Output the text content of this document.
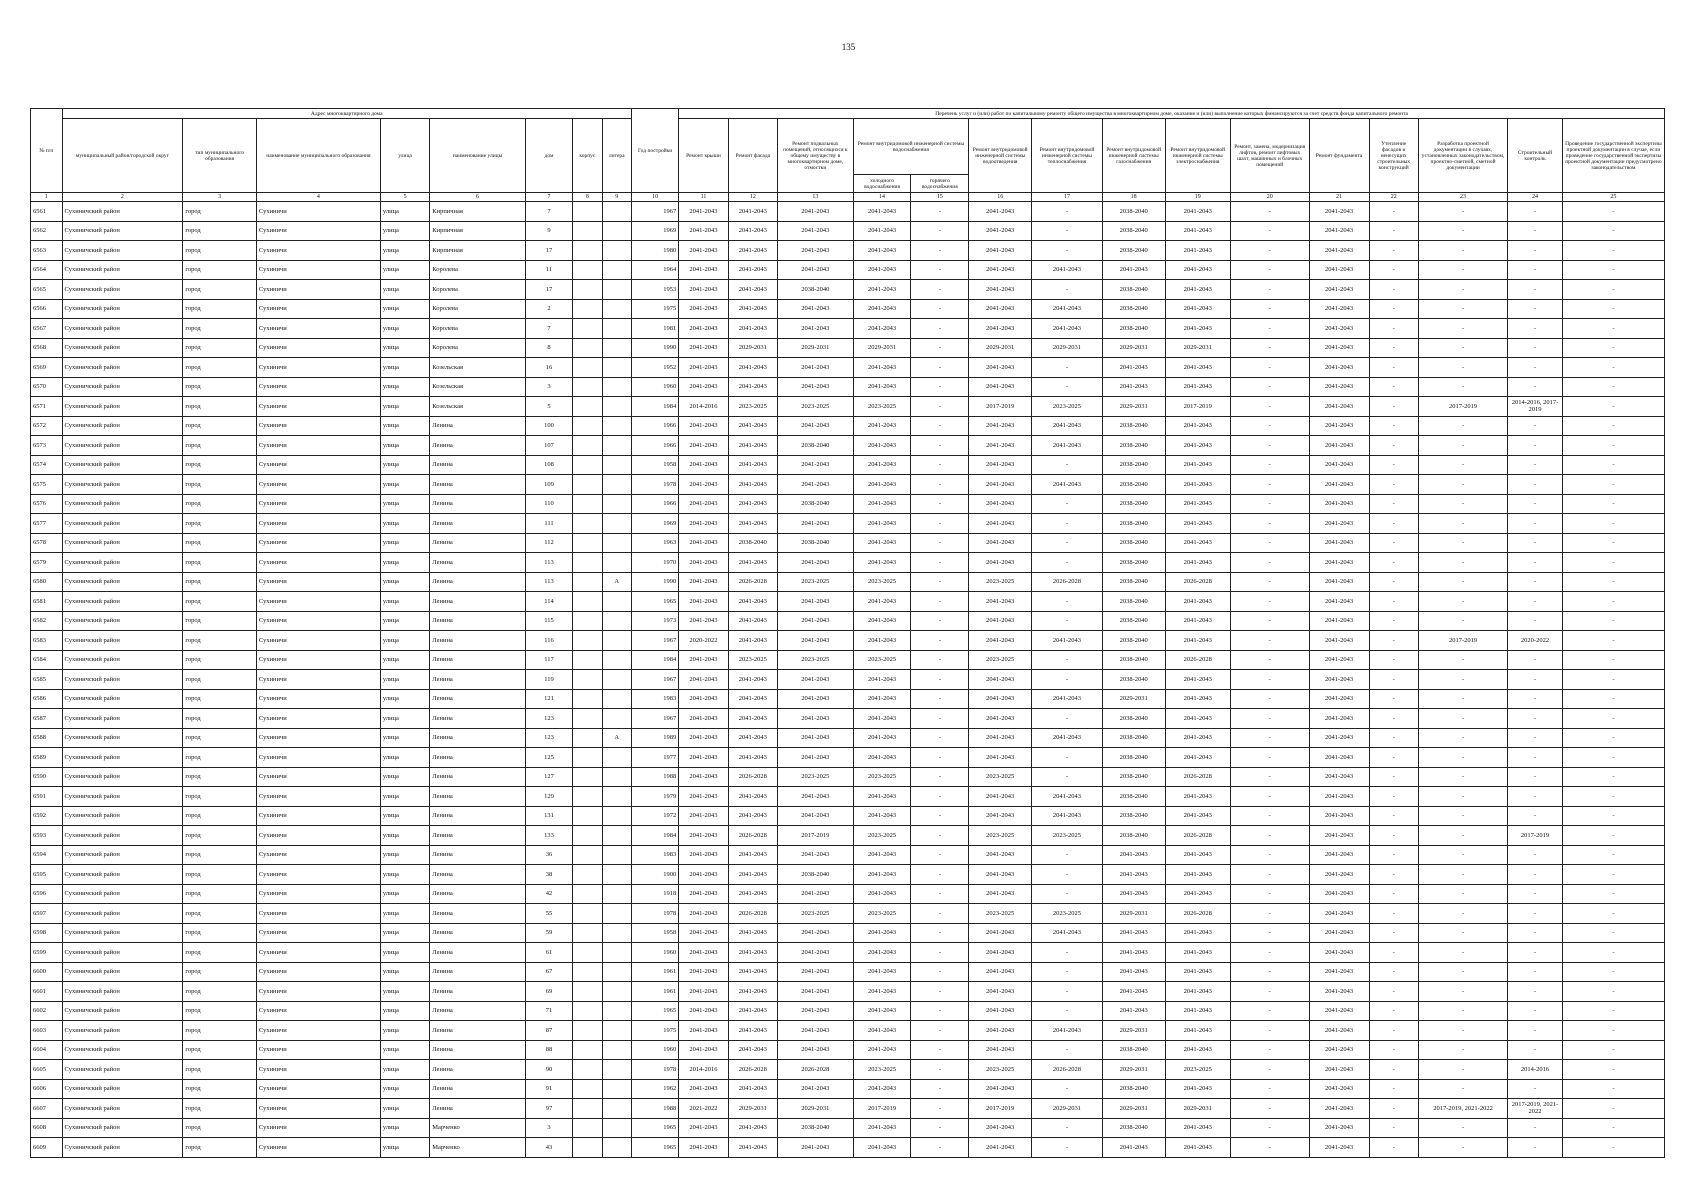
135
№ п/п	Адрес многоквартирного дома								Год постройки	Перечень услуг и (или) работ по капитальному ремонту общего имущества в многоквартирном доме, оказание и (или) выполнение которых финансируются за счет средств фонда капитального ремонта														
	муниципальный район/городской округ	тип муниципального образования	наименование муниципального образования	улица	наименование улицы	дом	корпус	литера		Ремонт крыши	Ремонт фасада	Ремонт подвальных помещений, относящихся к общему имуществу в многоквартирном доме, отмостки	Ремонт внутридомовой инженерной системы водоснабжения		Ремонт внутридомовой инженерной системы водоотведения	Ремонт внутридомовой инженерной системы теплоснабжения	Ремонт внутридомовой инженерной системы газоснабжения	Ремонт внутридомовой инженерной системы электроснабжения	Ремонт, замена, модернизация лифтов, ремонт лифтовых шахт, машинных и блочных помещений	Ремонт фундамента	Утепление фасадов и ненесущих строительных конструкций	Разработка проектной документации в случаях, установленных законодательством, проектно-сметной, сметной документации	Строительный контроль	Проведение государственной экспертизы проектной документации в случае, если проведение государственной экспертизы проектной документации предусмотрено законодательством
													холодного водоснабжения	горячего водоснабжения										
1	2	3	4	5	6	7	8	9	10	11	12	13	14	15	16	17	18	19	20	21	22	23	24	25
6561	Сухиничский район	город	Сухиничи	улица	Кирпичная	7			1967	2041-2043	2041-2043	2041-2043	2041-2043	-	2041-2043	-	2038-2040	2041-2043	-	2041-2043	-	-	-	-
6562	Сухиничский район	город	Сухиничи	улица	Кирпичная	9			1969	2041-2043	2041-2043	2041-2043	2041-2043	-	2041-2043	-	2038-2040	2041-2043	-	2041-2043	-	-	-	-
6563	Сухиничский район	город	Сухиничи	улица	Кирпичная	17			1980	2041-2043	2041-2043	2041-2043	2041-2043	-	2041-2043	-	2038-2040	2041-2043	-	2041-2043	-	-	-	-
6564	Сухиничский район	город	Сухиничи	улица	Королева	11			1964	2041-2043	2041-2043	2041-2043	2041-2043	-	2041-2043	2041-2043	2041-2043	2041-2043	-	2041-2043	-	-	-	-
6565	Сухиничский район	город	Сухиничи	улица	Королева	17			1953	2041-2043	2041-2043	2038-2040	2041-2043	-	2041-2043	-	2038-2040	2041-2043	-	2041-2043	-	-	-	-
6566	Сухиничский район	город	Сухиничи	улица	Королева	2			1975	2041-2043	2041-2043	2041-2043	2041-2043	-	2041-2043	2041-2043	2038-2040	2041-2043	-	2041-2043	-	-	-	-
6567	Сухиничский район	город	Сухиничи	улица	Королева	7			1981	2041-2043	2041-2043	2041-2043	2041-2043	-	2041-2043	2041-2043	2038-2040	2041-2043	-	2041-2043	-	-	-	-
6568	Сухиничский район	город	Сухиничи	улица	Королева	8			1990	2041-2043	2029-2031	2029-2031	2029-2031	-	2029-2031	2029-2031	2029-2031	2029-2031	-	2041-2043	-	-	-	-
6569	Сухиничский район	город	Сухиничи	улица	Козельская	16			1952	2041-2043	2041-2043	2041-2043	2041-2043	-	2041-2043	-	2041-2043	2041-2043	-	2041-2043	-	-	-	-
6570	Сухиничский район	город	Сухиничи	улица	Козельская	3			1960	2041-2043	2041-2043	2041-2043	2041-2043	-	2041-2043	-	2041-2043	2041-2043	-	2041-2043	-	-	-	-
6571	Сухиничский район	город	Сухиничи	улица	Козельская	5			1984	2014-2016	2023-2025	2023-2025	2023-2025	-	2017-2019	2023-2025	2029-2031	2017-2019	-	2041-2043	-	2017-2019	2014-2016, 2017-2019	-
6572	Сухиничский район	город	Сухиничи	улица	Ленина	100			1966	2041-2043	2041-2043	2041-2043	2041-2043	-	2041-2043	2041-2043	2038-2040	2041-2043	-	2041-2043	-	-	-	-
6573	Сухиничский район	город	Сухиничи	улица	Ленина	107			1966	2041-2043	2041-2043	2038-2040	2041-2043	-	2041-2043	2041-2043	2038-2040	2041-2043	-	2041-2043	-	-	-	-
6574	Сухиничский район	город	Сухиничи	улица	Ленина	108			1958	2041-2043	2041-2043	2041-2043	2041-2043	-	2041-2043	-	2038-2040	2041-2043	-	2041-2043	-	-	-	-
6575	Сухиничский район	город	Сухиничи	улица	Ленина	109			1978	2041-2043	2041-2043	2041-2043	2041-2043	-	2041-2043	2041-2043	2038-2040	2041-2043	-	2041-2043	-	-	-	-
6576	Сухиничский район	город	Сухиничи	улица	Ленина	110			1966	2041-2043	2041-2043	2038-2040	2041-2043	-	2041-2043	-	2038-2040	2041-2043	-	2041-2043	-	-	-	-
6577	Сухиничский район	город	Сухиничи	улица	Ленина	111			1969	2041-2043	2041-2043	2041-2043	2041-2043	-	2041-2043	-	2038-2040	2041-2043	-	2041-2043	-	-	-	-
6578	Сухиничский район	город	Сухиничи	улица	Ленина	112			1963	2041-2043	2038-2040	2038-2040	2041-2043	-	2041-2043	-	2038-2040	2041-2043	-	2041-2043	-	-	-	-
6579	Сухиничский район	город	Сухиничи	улица	Ленина	113			1970	2041-2043	2041-2043	2041-2043	2041-2043	-	2041-2043	-	2038-2040	2041-2043	-	2041-2043	-	-	-	-
6580	Сухиничский район	город	Сухиничи	улица	Ленина	113		А	1990	2041-2043	2026-2028	2023-2025	2023-2025	-	2023-2025	2026-2028	2038-2040	2026-2028	-	2041-2043	-	-	-	-
6581	Сухиничский район	город	Сухиничи	улица	Ленина	114			1965	2041-2043	2041-2043	2041-2043	2041-2043	-	2041-2043	-	2038-2040	2041-2043	-	2041-2043	-	-	-	-
6582	Сухиничский район	город	Сухиничи	улица	Ленина	115			1973	2041-2043	2041-2043	2041-2043	2041-2043	-	2041-2043	-	2038-2040	2041-2043	-	2041-2043	-	-	-	-
6583	Сухиничский район	город	Сухиничи	улица	Ленина	116			1967	2020-2022	2041-2043	2041-2043	2041-2043	-	2041-2043	2041-2043	2038-2040	2041-2043	-	2041-2043	-	2017-2019	2020-2022	-
6584	Сухиничский район	город	Сухиничи	улица	Ленина	117			1984	2041-2043	2023-2025	2023-2025	2023-2025	-	2023-2025	-	2038-2040	2026-2028	-	2041-2043	-	-	-	-
6585	Сухиничский район	город	Сухиничи	улица	Ленина	119			1967	2041-2043	2041-2043	2041-2043	2041-2043	-	2041-2043	-	2038-2040	2041-2043	-	2041-2043	-	-	-	-
6586	Сухиничский район	город	Сухиничи	улица	Ленина	121			1983	2041-2043	2041-2043	2041-2043	2041-2043	-	2041-2043	2041-2043	2029-2031	2041-2043	-	2041-2043	-	-	-	-
6587	Сухиничский район	город	Сухиничи	улица	Ленина	123			1967	2041-2043	2041-2043	2041-2043	2041-2043	-	2041-2043	-	2038-2040	2041-2043	-	2041-2043	-	-	-	-
6588	Сухиничский район	город	Сухиничи	улица	Ленина	123		А	1989	2041-2043	2041-2043	2041-2043	2041-2043	-	2041-2043	2041-2043	2038-2040	2041-2043	-	2041-2043	-	-	-	-
6589	Сухиничский район	город	Сухиничи	улица	Ленина	125			1977	2041-2043	2041-2043	2041-2043	2041-2043	-	2041-2043	-	2038-2040	2041-2043	-	2041-2043	-	-	-	-
6590	Сухиничский район	город	Сухиничи	улица	Ленина	127			1988	2041-2043	2026-2028	2023-2025	2023-2025	-	2023-2025	-	2038-2040	2026-2028	-	2041-2043	-	-	-	-
6591	Сухиничский район	город	Сухиничи	улица	Ленина	129			1979	2041-2043	2041-2043	2041-2043	2041-2043	-	2041-2043	2041-2043	2038-2040	2041-2043	-	2041-2043	-	-	-	-
6592	Сухиничский район	город	Сухиничи	улица	Ленина	131			1972	2041-2043	2041-2043	2041-2043	2041-2043	-	2041-2043	2041-2043	2038-2040	2041-2043	-	2041-2043	-	-	-	-
6593	Сухиничский район	город	Сухиничи	улица	Ленина	133			1984	2041-2043	2026-2028	2017-2019	2023-2025	-	2023-2025	2023-2025	2038-2040	2026-2028	-	2041-2043	-	-	2017-2019	-
6594	Сухиничский район	город	Сухиничи	улица	Ленина	36			1983	2041-2043	2041-2043	2041-2043	2041-2043	-	2041-2043	-	2041-2043	2041-2043	-	2041-2043	-	-	-	-
6595	Сухиничский район	город	Сухиничи	улица	Ленина	38			1900	2041-2043	2041-2043	2038-2040	2041-2043	-	2041-2043	-	2041-2043	2041-2043	-	2041-2043	-	-	-	-
6596	Сухиничский район	город	Сухиничи	улица	Ленина	42			1918	2041-2043	2041-2043	2041-2043	2041-2043	-	2041-2043	-	2041-2043	2041-2043	-	2041-2043	-	-	-	-
6597	Сухиничский район	город	Сухиничи	улица	Ленина	55			1978	2041-2043	2026-2028	2023-2025	2023-2025	-	2023-2025	2023-2025	2029-2031	2026-2028	-	2041-2043	-	-	-	-
6598	Сухиничский район	город	Сухиничи	улица	Ленина	59			1958	2041-2043	2041-2043	2041-2043	2041-2043	-	2041-2043	2041-2043	2041-2043	2041-2043	-	2041-2043	-	-	-	-
6599	Сухиничский район	город	Сухиничи	улица	Ленина	61			1960	2041-2043	2041-2043	2041-2043	2041-2043	-	2041-2043	-	2041-2043	2041-2043	-	2041-2043	-	-	-	-
6600	Сухиничский район	город	Сухиничи	улица	Ленина	67			1961	2041-2043	2041-2043	2041-2043	2041-2043	-	2041-2043	-	2041-2043	2041-2043	-	2041-2043	-	-	-	-
6601	Сухиничский район	город	Сухиничи	улица	Ленина	69			1961	2041-2043	2041-2043	2041-2043	2041-2043	-	2041-2043	-	2041-2043	2041-2043	-	2041-2043	-	-	-	-
6602	Сухиничский район	город	Сухиничи	улица	Ленина	71			1965	2041-2043	2041-2043	2041-2043	2041-2043	-	2041-2043	-	2041-2043	2041-2043	-	2041-2043	-	-	-	-
6603	Сухиничский район	город	Сухиничи	улица	Ленина	87			1975	2041-2043	2041-2043	2041-2043	2041-2043	-	2041-2043	2041-2043	2029-2031	2041-2043	-	2041-2043	-	-	-	-
6604	Сухиничский район	город	Сухиничи	улица	Ленина	88			1960	2041-2043	2041-2043	2041-2043	2041-2043	-	2041-2043	-	2038-2040	2041-2043	-	2041-2043	-	-	-	-
6605	Сухиничский район	город	Сухиничи	улица	Ленина	90			1978	2014-2016	2026-2028	2026-2028	2023-2025	-	2023-2025	2026-2028	2029-2031	2023-2025	-	2041-2043	-	-	2014-2016	-
6606	Сухиничский район	город	Сухиничи	улица	Ленина	91			1962	2041-2043	2041-2043	2041-2043	2041-2043	-	2041-2043	-	2038-2040	2041-2043	-	2041-2043	-	-	-	-
6607	Сухиничский район	город	Сухиничи	улица	Ленина	97			1988	2021-2022	2029-2031	2029-2031	2017-2019	-	2017-2019	2029-2031	2029-2031	2029-2031	-	2041-2043	-	2017-2019, 2021-2022	2017-2019, 2021-2022	-
6608	Сухиничский район	город	Сухиничи	улица	Марченко	3			1965	2041-2043	2041-2043	2038-2040	2041-2043	-	2041-2043	-	2038-2040	2041-2043	-	2041-2043	-	-	-	-
6609	Сухиничский район	город	Сухиничи	улица	Марченко	43			1965	2041-2043	2041-2043	2041-2043	2041-2043	-	2041-2043	-	2041-2043	2041-2043	-	2041-2043	-	-	-	-
